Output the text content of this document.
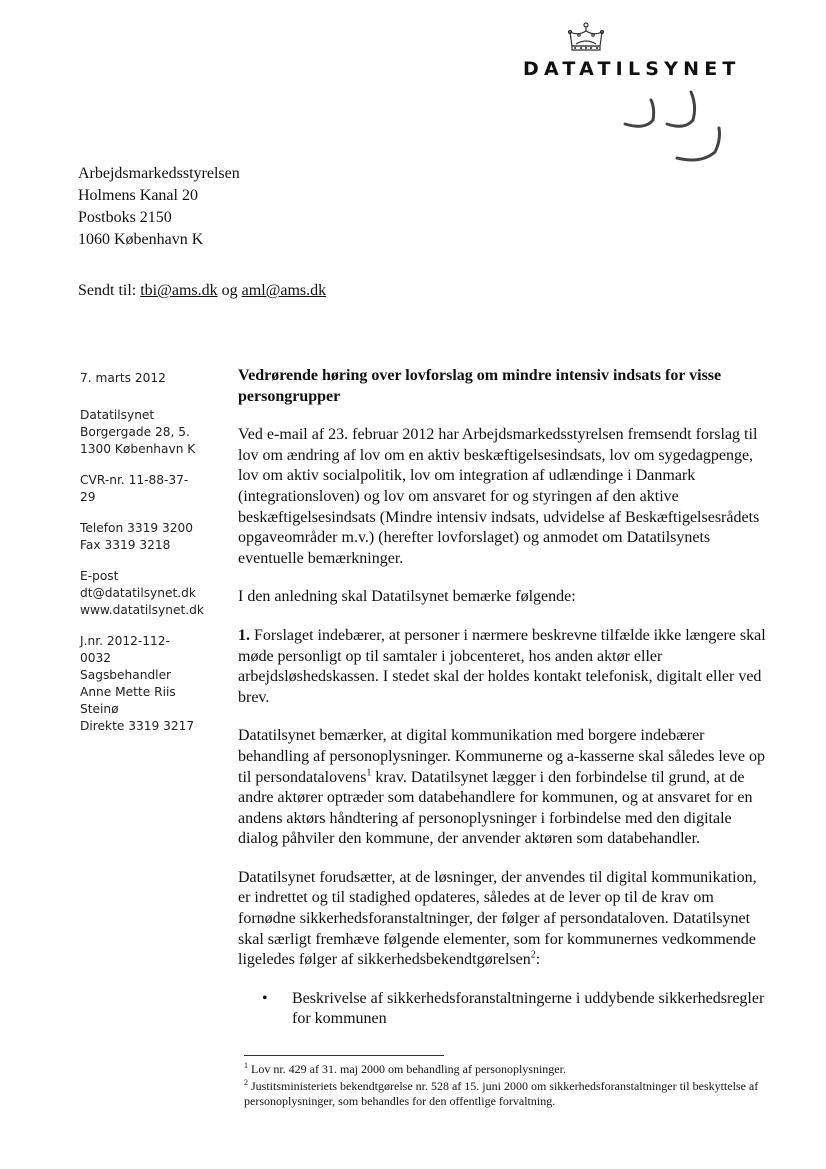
DATATILSYNET
Arbejdsmarkedsstyrelsen
Holmens Kanal 20
Postboks 2150
1060 København K
Sendt til: tbi@ams.dk og aml@ams.dk
7. marts 2012
Datatilsynet
Borgergade 28, 5.
1300 København K
CVR-nr. 11-88-37-
29
Telefon 3319 3200
Fax 3319 3218
E-post
dt@datatilsynet.dk
www.datatilsynet.dk
J.nr. 2012-112-
0032
Sagsbehandler
Anne Mette Riis
Steinø
Direkte 3319 3217
Vedrørende høring over lovforslag om mindre intensiv indsats for visse persongrupper

Ved e-mail af 23. februar 2012 har Arbejdsmarkedsstyrelsen fremsendt forslag til lov om ændring af lov om en aktiv beskæftigelsesindsats, lov om sygedagpenge, lov om aktiv socialpolitik, lov om integration af udlændinge i Danmark (integrationsloven) og lov om ansvaret for og styringen af den aktive beskæftigelsesindsats (Mindre intensiv indsats, udvidelse af Beskæftigelsesrådets opgaveområder m.v.) (herefter lovforslaget) og anmodet om Datatilsynets eventuelle bemærkninger.

I den anledning skal Datatilsynet bemærke følgende:

1. Forslaget indebærer, at personer i nærmere beskrevne tilfælde ikke længere skal møde personligt op til samtaler i jobcenteret, hos anden aktør eller arbejdsløshedskassen. I stedet skal der holdes kontakt telefonisk, digitalt eller ved brev.

Datatilsynet bemærker, at digital kommunikation med borgere indebærer behandling af personoplysninger. Kommunerne og a-kasserne skal således leve op til persondatalovens$^1$ krav. Datatilsynet lægger i den forbindelse til grund, at de andre aktører optræder som databehandlere for kommunen, og at ansvaret for en andens aktørs håndtering af personoplysninger i forbindelse med den digitale dialog påhviler den kommune, der anvender aktøren som databehandler.

Datatilsynet forudsætter, at de løsninger, der anvendes til digital kommunikation, er indrettet og til stadighed opdateres, således at de lever op til de krav om fornødne sikkerhedsforanstaltninger, der følger af persondataloven. Datatilsynet skal særligt fremhæve følgende elementer, som for kommunernes vedkommende ligeledes følger af sikkerhedsbekendtgørelsen$^2$:

• Beskrivelse af sikkerhedsforanstaltningerne i uddybende sikkerhedsregler for kommunen

$^1$ Lov nr. 429 af 31. maj 2000 om behandling af personoplysninger.

$^2$ Justitsministeriets bekendtgørelse nr. 528 af 15. juni 2000 om sikkerhedsforanstaltninger til beskyttelse af personoplysninger, som behandles for den offentlige forvaltning.
